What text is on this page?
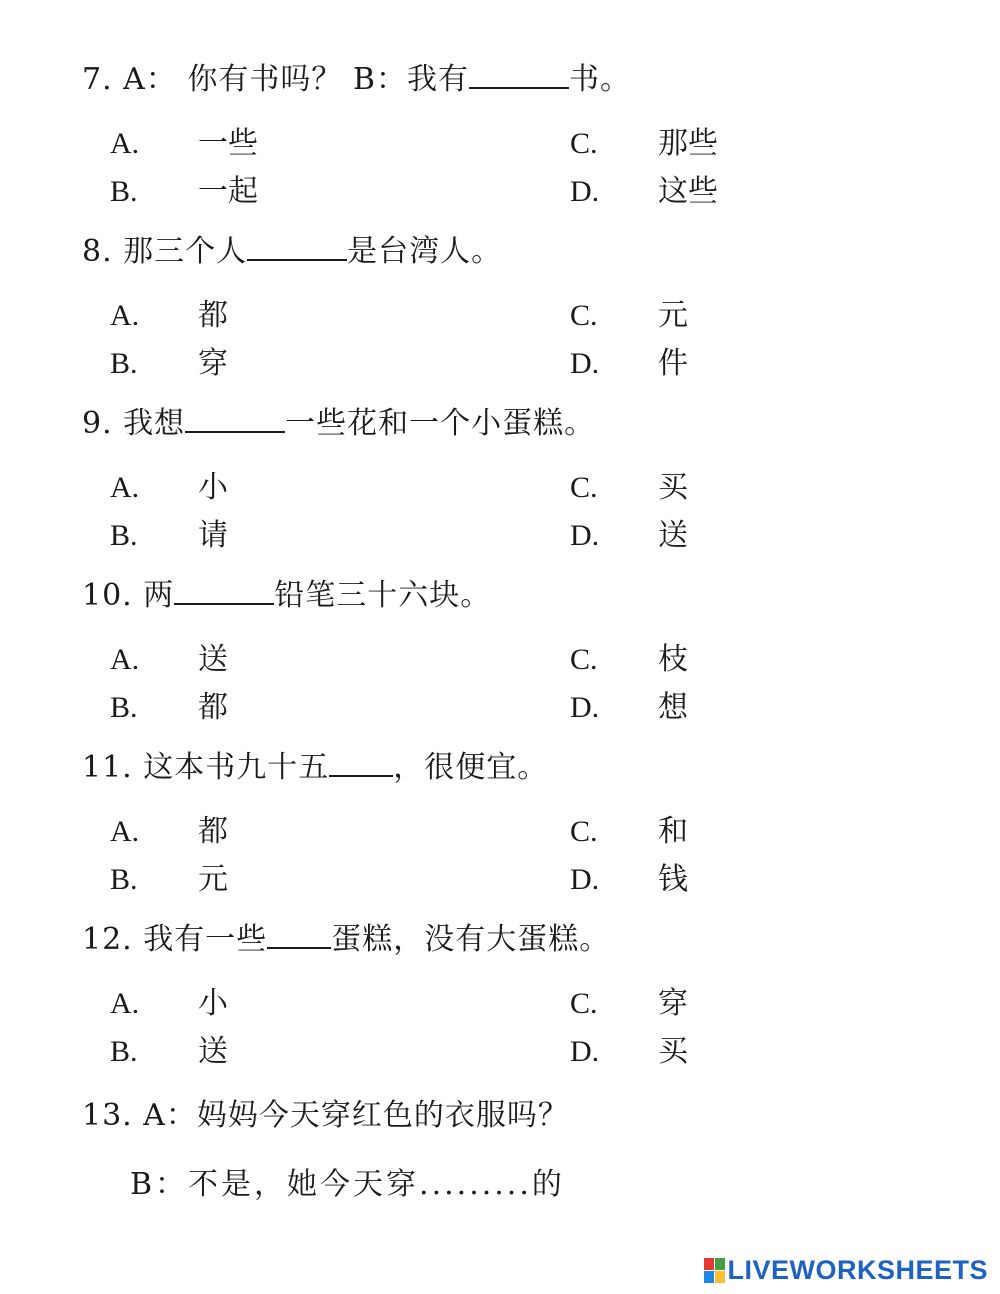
7. A： 你有书吗？ B：我有	书。
A. 一些
B. 一起
C. 那些
D. 这些
8. 那三个人	是台湾人。
A. 都
B. 穿
C. 元
D. 件
9. 我想	一些花和一个小蛋糕。
A. 小
B. 请
C. 买
D. 送
10. 两	铅笔三十六块。
A. 送
B. 都
C. 枝
D. 想
11. 这本书九十五 ，很便宜。
A. 都
B. 元
C. 和
D. 钱
12. 我有一些 蛋糕，没有大蛋糕。
A. 小
B. 送
C. 穿
D. 买
13. A：妈妈今天穿红色的衣服吗？
B：不是，她今天穿.........的
LIVEWORKSHEETS
